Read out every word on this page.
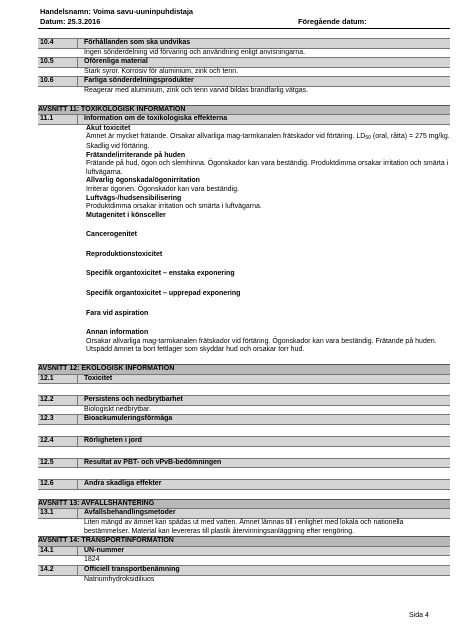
Handelsnamn: Voima savu-uuninpuhdistaja
Datum: 25.3.2016	Föregående datum:
10.4	Förhållanden som ska undvikas
Ingen sönderdelning vid förvaring och användning enligt anvisningarna.
10.5	Oförenliga material
Stark syror. Korrosiv för aluminium, zink och tenn.
10.6	Farliga sönderdelningsprodukter
Reagerar med aluminium, zink och tenn varvid bildas brandfarlig vätgas.
AVSNITT 11: TOXIKOLOGISK INFORMATION
11.1	Information om de toxikologiska effekterna
Akut toxicitet
Ämnet är mycket frätande. Orsakar allvarliga mag-tarmkanalen frätskador vid förtäring. $LD_{50}$ (oral, råtta) = 275 mg/kg. Skadlig vid förtäring.
Frätande/irriterande på huden
Frätande på hud, ögon och slemhinna. Ögonskador kan vara beständig. Produktdimma orsakar irritation och smärta i luftvägarna.
Allvarlig ögonskada/ögonirritation
Irriterar ögonen. Ögonskador kan vara beständig.
Luftvägs-/hudsensibilisering
Produktdimma orsakar irritation och smärta i luftvägarna.
Mutagenitet i könsceller
Cancerogenitet
Reproduktionstoxicitet
Specifik organtoxicitet – enstaka exponering
Specifik organtoxicitet – upprepad exponering
Fara vid aspiration
Annan information
Orsakar allvarliga mag-tarmkanalen frätskador vid förtäring. Ögonskador kan vara beständig. Frätande på huden. Utspädd ämnet ta bort fettlager som skyddar hud och orsakar torr hud.
AVSNITT 12: EKOLOGISK INFORMATION
12.1	Toxicitet
12.2	Persistens och nedbrytbarhet
Biologiskt nedbrytbar.
12.3	Bioackumuleringsförmåga
12.4	Rörligheten i jord
12.5	Resultat av PBT- och vPvB-bedömningen
12.6	Andra skadliga effekter
AVSNITT 13: AVFALLSHANTERING
13.1	Avfallsbehandlingsmetoder
Liten mängd av ämnet kan spädas ut med vatten. Ämnet lämnas till i enlighet med lokala och nationella bestämmelser. Material kan levereras till plastik återvinningsanläggning efter rengöring.
AVSNITT 14: TRANSPORTINFORMATION
14.1	UN-nummer
1824
14.2	Officiell transportbenämning
Natriumhydroksidiliuos
Sida 4
